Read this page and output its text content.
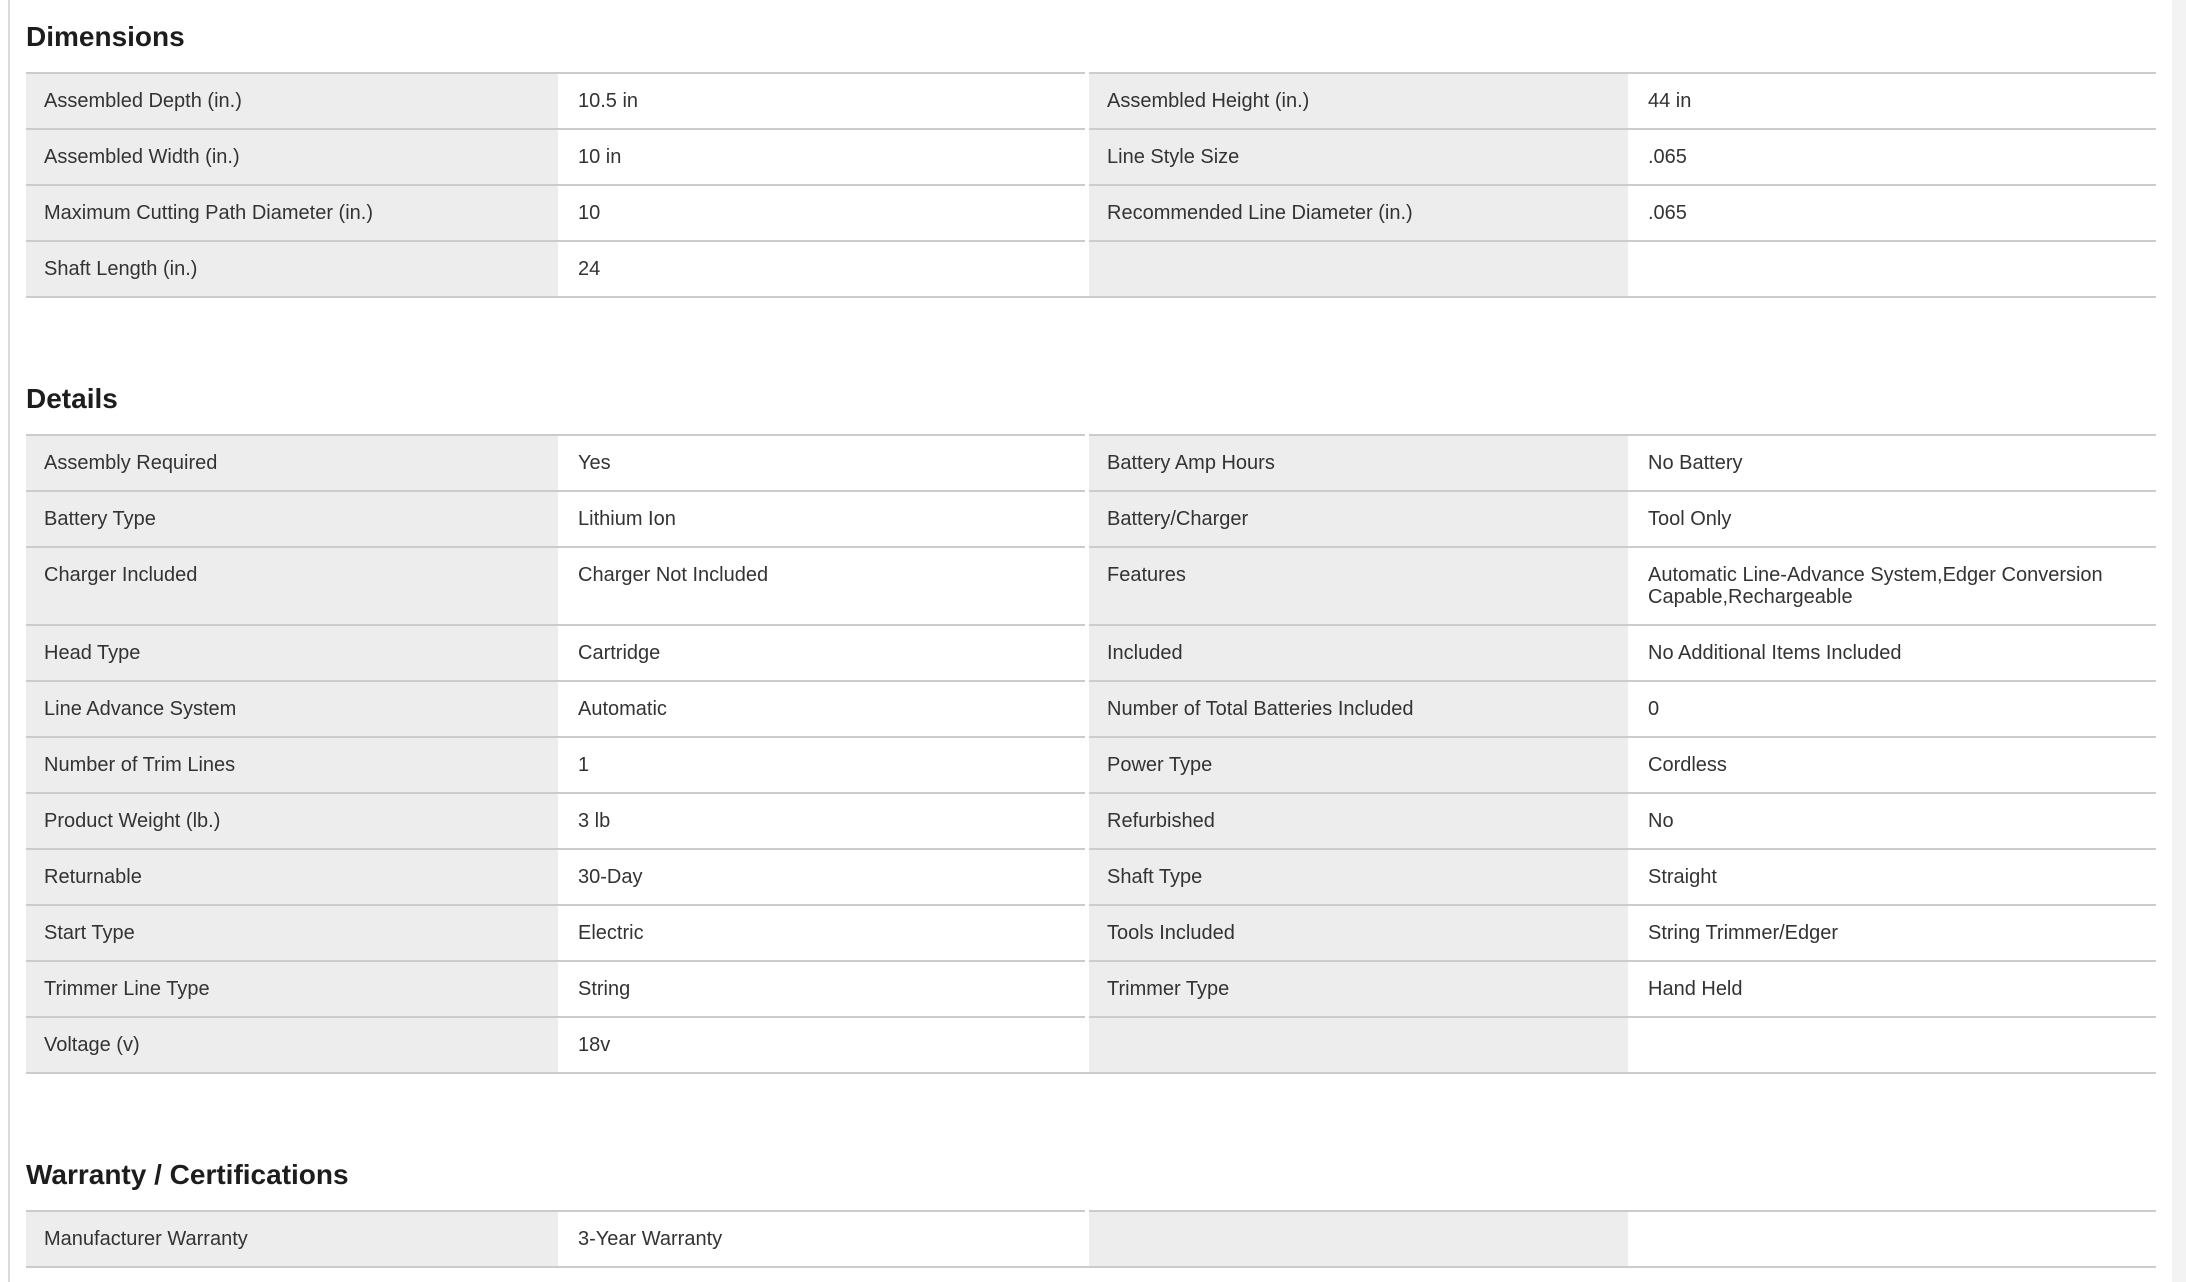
Dimensions
Assembled Depth (in.)	10.5 in		Assembled Height (in.)	44 in
Assembled Width (in.)	10 in		Line Style Size	.065
Maximum Cutting Path Diameter (in.)	10		Recommended Line Diameter (in.)	.065
Shaft Length (in.)	24			
Details
Assembly Required	Yes		Battery Amp Hours	No Battery
Battery Type	Lithium Ion		Battery/Charger	Tool Only
Charger Included	Charger Not Included		Features	Automatic Line-Advance System,Edger Conversion Capable,Rechargeable
Head Type	Cartridge		Included	No Additional Items Included
Line Advance System	Automatic		Number of Total Batteries Included	0
Number of Trim Lines	1		Power Type	Cordless
Product Weight (lb.)	3 lb		Refurbished	No
Returnable	30-Day		Shaft Type	Straight
Start Type	Electric		Tools Included	String Trimmer/Edger
Trimmer Line Type	String		Trimmer Type	Hand Held
Voltage (v)	18v			
Warranty / Certifications
Manufacturer Warranty	3-Year Warranty			
